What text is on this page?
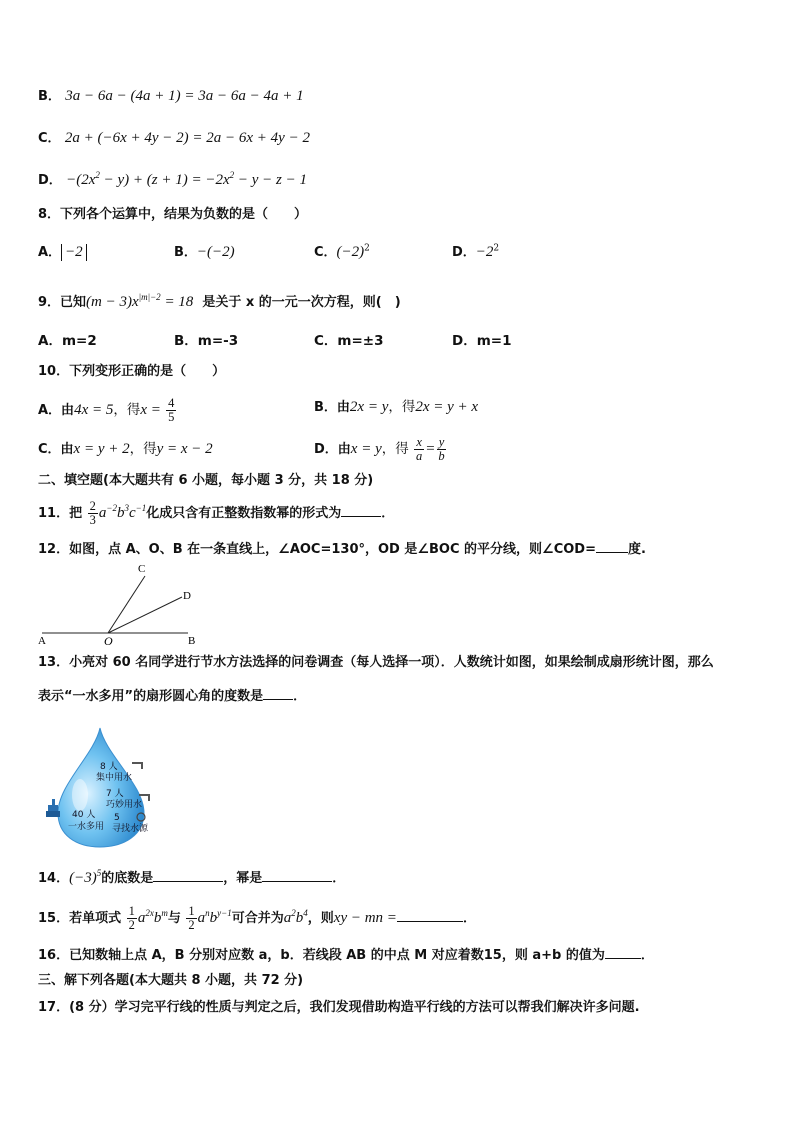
B． 3a − 6a − (4a + 1) = 3a − 6a − 4a + 1
C． 2a + (−6x + 4y − 2) = 2a − 6x + 4y − 2
D． $-(2x^2 - y) + (z + 1) = -2x^2 - y - z - 1$
8．下列各个运算中，结果为负数的是（　　）
A． −2	B．−(−2)	C．$(-2)^2$	D．$-2^2$
9．已知$(m - 3)x^{|m|-2} = 18$ 是关于 x 的一元一次方程，则(　)
A．m=2	B．m=-3	C．m=±3	D．m=1
10．下列变形正确的是（　　）
A．由4x = 5，得$x = \frac{4}{5}$	B．由2x = y，得2x = y + x
C．由x = y + 2，得y = x − 2	D．由x = y，得 $\frac{x}{a} = \frac{y}{b}$
二、填空题(本大题共有 6 小题，每小题 3 分，共 18 分)
11．把 $\frac{2}{3} a^{-2}b^3c^{-1}$化成只含有正整数指数幂的形式为	．
12．如图，点 A、O、B 在一条直线上，∠AOC=130°，OD 是∠BOC 的平分线，则∠COD= 度.
A	O	B
C
D
13．小亮对 60 名同学进行节水方法选择的问卷调查（每人选择一项）．人数统计如图，如果绘制成扇形统计图，那么
表示“一水多用”的扇形圆心角的度数是 ．
8 人
集中用水
7 人
巧妙用水
40 人
一水多用
5
寻找水源
14．$(-3)^5$的底数是	，幂是	．
15．若单项式 $\frac{1}{2} a^{2x}b^m$与 $\frac{1}{2} a^nb^{y-1}$可合并为$a^2b^4$，则xy − mn =	．
16．已知数轴上点 A，B 分别对应数 a，b．若线段 AB 的中点 M 对应着数15，则 a+b 的值为	．
三、解下列各题(本大题共 8 小题，共 72 分)
17．(8 分）学习完平行线的性质与判定之后，我们发现借助构造平行线的方法可以帮我们解决许多问题.
